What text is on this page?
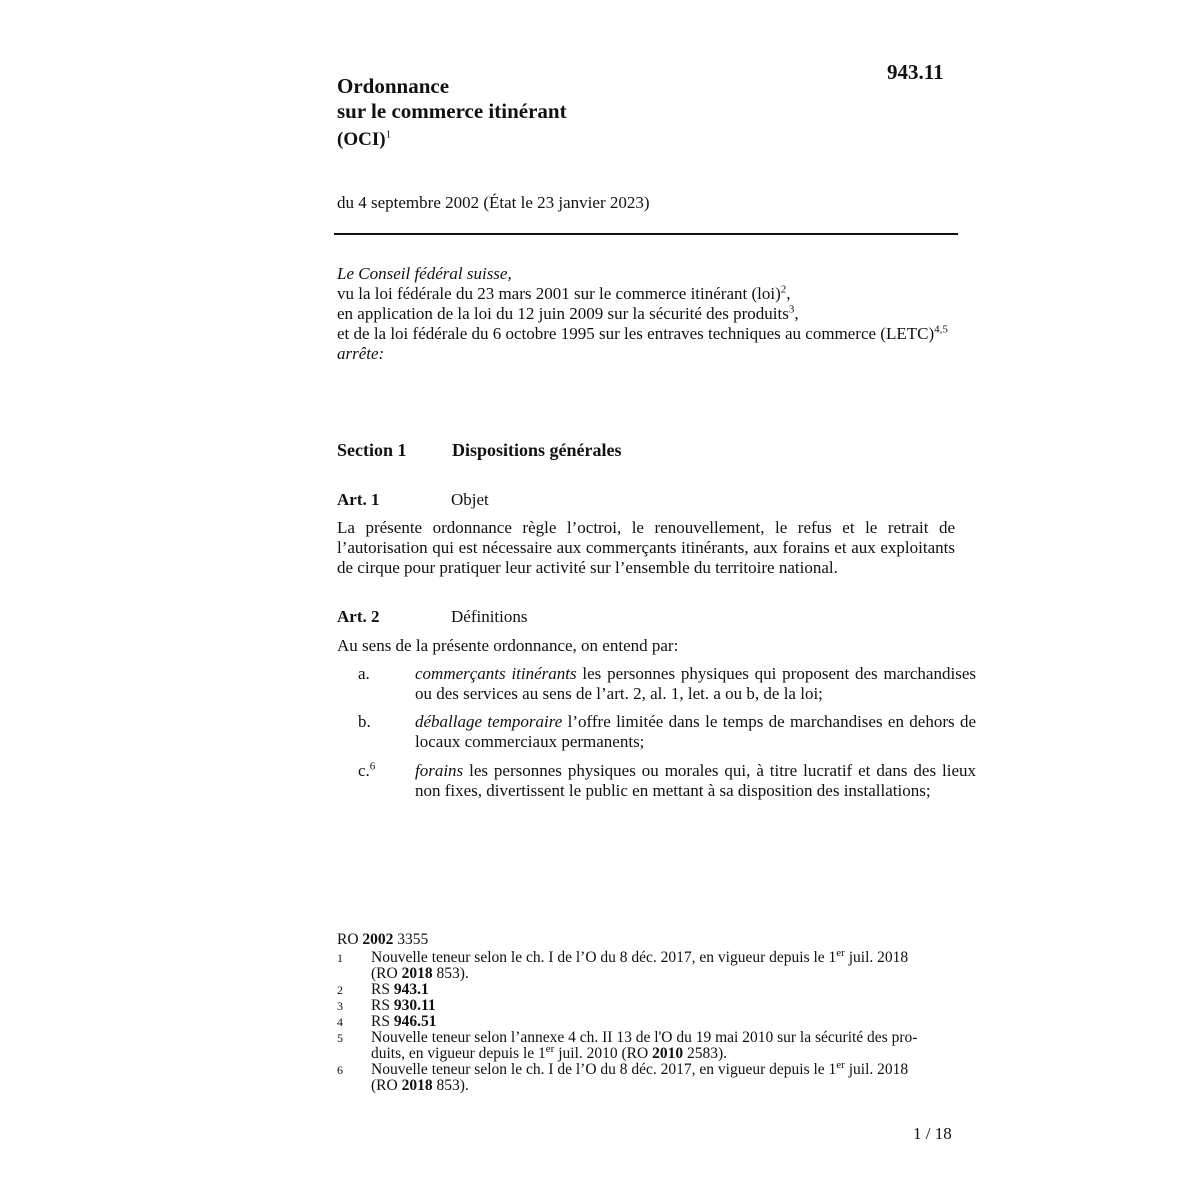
943.11
Ordonnance
sur le commerce itinérant
(OCI)$^1$
du 4 septembre 2002 (État le 23 janvier 2023)
Le Conseil fédéral suisse,
vu la loi fédérale du 23 mars 2001 sur le commerce itinérant (loi)$^2$,
en application de la loi du 12 juin 2009 sur la sécurité des produits$^3$,
et de la loi fédérale du 6 octobre 1995 sur les entraves techniques au commerce (LETC)$^{4,5}$
arrête:
Section 1	Dispositions générales
Art. 1	Objet
La présente ordonnance règle l’octroi, le renouvellement, le refus et le retrait de l’autorisation qui est nécessaire aux commerçants itinérants, aux forains et aux exploitants de cirque pour pratiquer leur activité sur l’ensemble du territoire national.
Art. 2	Définitions
Au sens de la présente ordonnance, on entend par:
a.	commerçants itinérants les personnes physiques qui proposent des marchandises ou des services au sens de l’art. 2, al. 1, let. a ou b, de la loi;
b.	déballage temporaire l’offre limitée dans le temps de marchandises en dehors de locaux commerciaux permanents;
c.$^6$ forains les personnes physiques ou morales qui, à titre lucratif et dans des lieux non fixes, divertissent le public en mettant à sa disposition des installations;
RO 2002 3355
1 Nouvelle teneur selon le ch. I de l’O du 8 déc. 2017, en vigueur depuis le 1er juil. 2018
(RO 2018 853).
2 RS 943.1
3 RS 930.11
4 RS 946.51
5 Nouvelle teneur selon l’annexe 4 ch. II 13 de l'O du 19 mai 2010 sur la sécurité des pro-
duits, en vigueur depuis le 1er juil. 2010 (RO 2010 2583).
6 Nouvelle teneur selon le ch. I de l’O du 8 déc. 2017, en vigueur depuis le 1er juil. 2018
(RO 2018 853).
1 / 18
